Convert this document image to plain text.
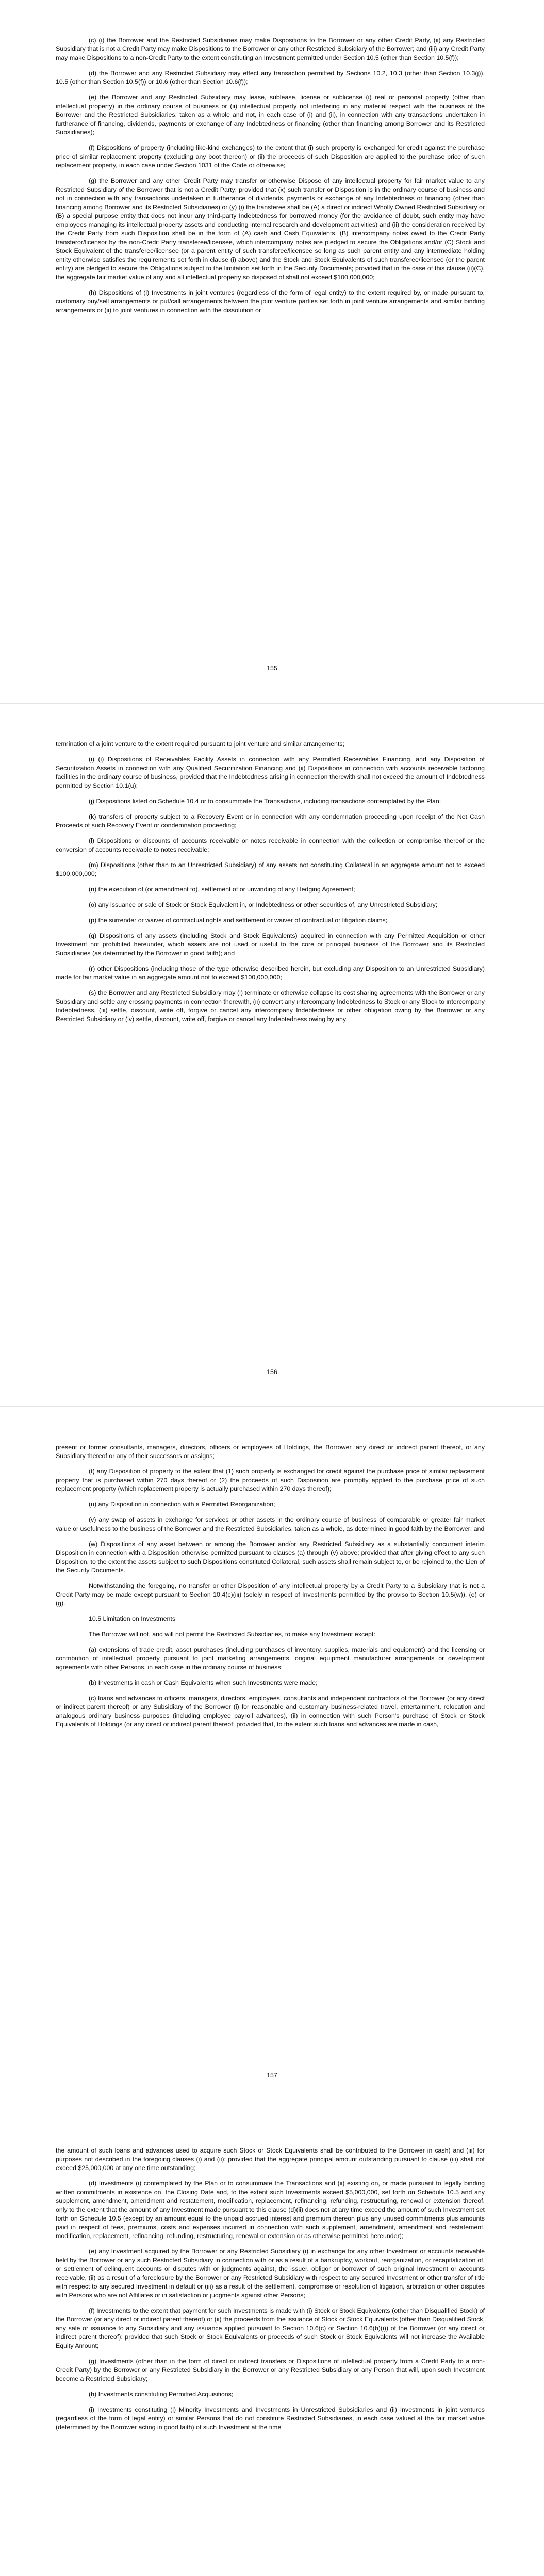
(c) (i) the Borrower and the Restricted Subsidiaries may make Dispositions to the Borrower or any other Credit Party, (ii) any Restricted Subsidiary that is not a Credit Party may make Dispositions to the Borrower or any other Restricted Subsidiary of the Borrower; and (iii) any Credit Party may make Dispositions to a non-Credit Party to the extent constituting an Investment permitted under Section 10.5 (other than Section 10.5(f));

(d) the Borrower and any Restricted Subsidiary may effect any transaction permitted by Sections 10.2, 10.3 (other than Section 10.3(j)), 10.5 (other than Section 10.5(f)) or 10.6 (other than Section 10.6(f));

(e) the Borrower and any Restricted Subsidiary may lease, sublease, license or sublicense (i) real or personal property (other than intellectual property) in the ordinary course of business or (ii) intellectual property not interfering in any material respect with the business of the Borrower and the Restricted Subsidiaries, taken as a whole and not, in each case of (i) and (ii), in connection with any transactions undertaken in furtherance of financing, dividends, payments or exchange of any Indebtedness or financing (other than financing among Borrower and its Restricted Subsidiaries);

(f) Dispositions of property (including like-kind exchanges) to the extent that (i) such property is exchanged for credit against the purchase price of similar replacement property (excluding any boot thereon) or (ii) the proceeds of such Disposition are applied to the purchase price of such replacement property, in each case under Section 1031 of the Code or otherwise;

(g) the Borrower and any other Credit Party may transfer or otherwise Dispose of any intellectual property for fair market value to any Restricted Subsidiary of the Borrower that is not a Credit Party; provided that (x) such transfer or Disposition is in the ordinary course of business and not in connection with any transactions undertaken in furtherance of dividends, payments or exchange of any Indebtedness or financing (other than financing among Borrower and its Restricted Subsidiaries) or (y) (i) the transferee shall be (A) a direct or indirect Wholly Owned Restricted Subsidiary or (B) a special purpose entity that does not incur any third-party Indebtedness for borrowed money (for the avoidance of doubt, such entity may have employees managing its intellectual property assets and conducting internal research and development activities) and (ii) the consideration received by the Credit Party from such Disposition shall be in the form of (A) cash and Cash Equivalents, (B) intercompany notes owed to the Credit Party transferor/licensor by the non-Credit Party transferee/licensee, which intercompany notes are pledged to secure the Obligations and/or (C) Stock and Stock Equivalent of the transferee/licensee (or a parent entity of such transferee/licensee so long as such parent entity and any intermediate holding entity otherwise satisfies the requirements set forth in clause (i) above) and the Stock and Stock Equivalents of such transferee/licensee (or the parent entity) are pledged to secure the Obligations subject to the limitation set forth in the Security Documents; provided that in the case of this clause (ii)(C), the aggregate fair market value of any and all intellectual property so disposed of shall not exceed $100,000,000;

(h) Dispositions of (i) Investments in joint ventures (regardless of the form of legal entity) to the extent required by, or made pursuant to, customary buy/sell arrangements or put/call arrangements between the joint venture parties set forth in joint venture arrangements and similar binding arrangements or (ii) to joint ventures in connection with the dissolution or

155

termination of a joint venture to the extent required pursuant to joint venture and similar arrangements;

(i) (i) Dispositions of Receivables Facility Assets in connection with any Permitted Receivables Financing, and any Disposition of Securitization Assets in connection with any Qualified Securitization Financing and (ii) Dispositions in connection with accounts receivable factoring facilities in the ordinary course of business, provided that the Indebtedness arising in connection therewith shall not exceed the amount of Indebtedness permitted by Section 10.1(u);

(j) Dispositions listed on Schedule 10.4 or to consummate the Transactions, including transactions contemplated by the Plan;

(k) transfers of property subject to a Recovery Event or in connection with any condemnation proceeding upon receipt of the Net Cash Proceeds of such Recovery Event or condemnation proceeding;

(l) Dispositions or discounts of accounts receivable or notes receivable in connection with the collection or compromise thereof or the conversion of accounts receivable to notes receivable;

(m) Dispositions (other than to an Unrestricted Subsidiary) of any assets not constituting Collateral in an aggregate amount not to exceed $100,000,000;

(n) the execution of (or amendment to), settlement of or unwinding of any Hedging Agreement;

(o) any issuance or sale of Stock or Stock Equivalent in, or Indebtedness or other securities of, any Unrestricted Subsidiary;

(p) the surrender or waiver of contractual rights and settlement or waiver of contractual or litigation claims;

(q) Dispositions of any assets (including Stock and Stock Equivalents) acquired in connection with any Permitted Acquisition or other Investment not prohibited hereunder, which assets are not used or useful to the core or principal business of the Borrower and its Restricted Subsidiaries (as determined by the Borrower in good faith); and

(r) other Dispositions (including those of the type otherwise described herein, but excluding any Disposition to an Unrestricted Subsidiary) made for fair market value in an aggregate amount not to exceed $100,000,000;

(s) the Borrower and any Restricted Subsidiary may (i) terminate or otherwise collapse its cost sharing agreements with the Borrower or any Subsidiary and settle any crossing payments in connection therewith, (ii) convert any intercompany Indebtedness to Stock or any Stock to intercompany Indebtedness, (iii) settle, discount, write off, forgive or cancel any intercompany Indebtedness or other obligation owing by the Borrower or any Restricted Subsidiary or (iv) settle, discount, write off, forgive or cancel any Indebtedness owing by any

156

present or former consultants, managers, directors, officers or employees of Holdings, the Borrower, any direct or indirect parent thereof, or any Subsidiary thereof or any of their successors or assigns;

(t) any Disposition of property to the extent that (1) such property is exchanged for credit against the purchase price of similar replacement property that is purchased within 270 days thereof or (2) the proceeds of such Disposition are promptly applied to the purchase price of such replacement property (which replacement property is actually purchased within 270 days thereof);

(u) any Disposition in connection with a Permitted Reorganization;

(v) any swap of assets in exchange for services or other assets in the ordinary course of business of comparable or greater fair market value or usefulness to the business of the Borrower and the Restricted Subsidiaries, taken as a whole, as determined in good faith by the Borrower; and

(w) Dispositions of any asset between or among the Borrower and/or any Restricted Subsidiary as a substantially concurrent interim Disposition in connection with a Disposition otherwise permitted pursuant to clauses (a) through (v) above; provided that after giving effect to any such Disposition, to the extent the assets subject to such Dispositions constituted Collateral, such assets shall remain subject to, or be rejoined to, the Lien of the Security Documents.

Notwithstanding the foregoing, no transfer or other Disposition of any intellectual property by a Credit Party to a Subsidiary that is not a Credit Party may be made except pursuant to Section 10.4(c)(iii) (solely in respect of Investments permitted by the proviso to Section 10.5(w)), (e) or (g).

10.5 Limitation on Investments

The Borrower will not, and will not permit the Restricted Subsidiaries, to make any Investment except:

(a) extensions of trade credit, asset purchases (including purchases of inventory, supplies, materials and equipment) and the licensing or contribution of intellectual property pursuant to joint marketing arrangements, original equipment manufacturer arrangements or development agreements with other Persons, in each case in the ordinary course of business;

(b) Investments in cash or Cash Equivalents when such Investments were made;

(c) loans and advances to officers, managers, directors, employees, consultants and independent contractors of the Borrower (or any direct or indirect parent thereof) or any Subsidiary of the Borrower (i) for reasonable and customary business-related travel, entertainment, relocation and analogous ordinary business purposes (including employee payroll advances), (ii) in connection with such Person's purchase of Stock or Stock Equivalents of Holdings (or any direct or indirect parent thereof; provided that, to the extent such loans and advances are made in cash,

157

the amount of such loans and advances used to acquire such Stock or Stock Equivalents shall be contributed to the Borrower in cash) and (iii) for purposes not described in the foregoing clauses (i) and (ii); provided that the aggregate principal amount outstanding pursuant to clause (iii) shall not exceed $25,000,000 at any one time outstanding;

(d) Investments (i) contemplated by the Plan or to consummate the Transactions and (ii) existing on, or made pursuant to legally binding written commitments in existence on, the Closing Date and, to the extent such Investments exceed $5,000,000, set forth on Schedule 10.5 and any supplement, amendment, amendment and restatement, modification, replacement, refinancing, refunding, restructuring, renewal or extension thereof, only to the extent that the amount of any Investment made pursuant to this clause (d)(ii) does not at any time exceed the amount of such Investment set forth on Schedule 10.5 (except by an amount equal to the unpaid accrued interest and premium thereon plus any unused commitments plus amounts paid in respect of fees, premiums, costs and expenses incurred in connection with such supplement, amendment, amendment and restatement, modification, replacement, refinancing, refunding, restructuring, renewal or extension or as otherwise permitted hereunder);

(e) any Investment acquired by the Borrower or any Restricted Subsidiary (i) in exchange for any other Investment or accounts receivable held by the Borrower or any such Restricted Subsidiary in connection with or as a result of a bankruptcy, workout, reorganization, or recapitalization of, or settlement of delinquent accounts or disputes with or judgments against, the issuer, obligor or borrower of such original Investment or accounts receivable, (ii) as a result of a foreclosure by the Borrower or any Restricted Subsidiary with respect to any secured Investment or other transfer of title with respect to any secured Investment in default or (iii) as a result of the settlement, compromise or resolution of litigation, arbitration or other disputes with Persons who are not Affiliates or in satisfaction or judgments against other Persons;

(f) Investments to the extent that payment for such Investments is made with (i) Stock or Stock Equivalents (other than Disqualified Stock) of the Borrower (or any direct or indirect parent thereof) or (ii) the proceeds from the issuance of Stock or Stock Equivalents (other than Disqualified Stock, any sale or issuance to any Subsidiary and any issuance applied pursuant to Section 10.6(c) or Section 10.6(b)(i)) of the Borrower (or any direct or indirect parent thereof); provided that such Stock or Stock Equivalents or proceeds of such Stock or Stock Equivalents will not increase the Available Equity Amount;

(g) Investments (other than in the form of direct or indirect transfers or Dispositions of intellectual property from a Credit Party to a non-Credit Party) by the Borrower or any Restricted Subsidiary in the Borrower or any Restricted Subsidiary or any Person that will, upon such Investment become a Restricted Subsidiary;

(h) Investments constituting Permitted Acquisitions;

(i) Investments constituting (i) Minority Investments and Investments in Unrestricted Subsidiaries and (ii) Investments in joint ventures (regardless of the form of legal entity) or similar Persons that do not constitute Restricted Subsidiaries, in each case valued at the fair market value (determined by the Borrower acting in good faith) of such Investment at the time
